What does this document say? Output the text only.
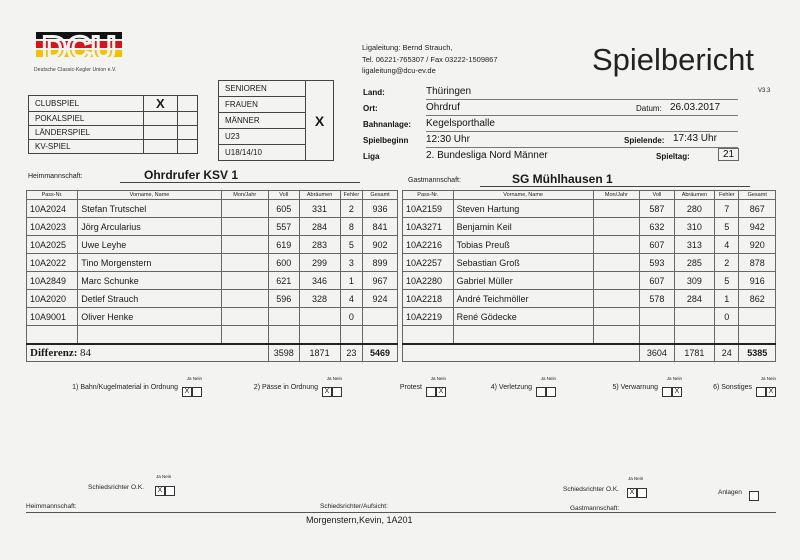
DCU
Deutsche Classic-Kegler Union e.V.
Ligaleitung: Bernd Strauch,
Tel. 06221-765307 / Fax 03222-1509867
ligaleitung@dcu-ev.de	Spielbericht
V3.3
CLUBSPIEL	X	
POKALSPIEL		
LÄNDERSPIEL		
KV-SPIEL		
SENIOREN	X
FRAUEN
MÄNNER
U23
U18/14/10
Land:	Thüringen
Ort:	Ohrdruf	Datum: 26.03.2017
Bahnanlage: Kegelsporthalle
Spielbeginn 12:30 Uhr	Spielende: 17:43 Uhr
Liga	2. Bundesliga Nord Männer	Spieltag:	21
Heimmannschaft:	Ohrdrufer KSV 1	Gastmannschaft:	SG Mühlhausen 1
Pass-Nr.	Vorname, Name	Mon/Jahr	Voll	Abräumen	Fehler	Gesamt
10A2024	Stefan Trutschel		605	331	2	936
10A2023	Jörg Arcularius		557	284	8	841
10A2025	Uwe Leyhe		619	283	5	902
10A2022	Tino Morgenstern		600	299	3	899
10A2849	Marc Schunke		621	346	1	967
10A2020	Detlef Strauch		596	328	4	924
10A9001	Oliver Henke				0	

Differenz: 84			3598	1871	23	5469
Pass-Nr.	Vorname, Name	Mon/Jahr	Voll	Abräumen	Fehler	Gesamt
10A2159	Steven Hartung		587	280	7	867
10A3271	Benjamin Keil		632	310	5	942
10A2216	Tobias Preuß		607	313	4	920
10A2257	Sebastian Groß		593	285	2	878
10A2280	Gabriel Müller		607	309	5	916
10A2218	André Teichmöller		578	284	1	862
10A2219	René Gödecke				0	

			3604	1781	24	5385
1) Bahn/Kugelmaterial in Ordnung
Ja Nein
X
2) Pässe in Ordnung
Ja Nein
X
Protest
Ja Nein
X
4) Verletzung
Ja Nein
5) Verwarnung
Ja Nein
X
6) Sonstiges
Ja Nein
X
Schiedsrichter O.K.
Ja Nein
X	Schiedsrichter O.K.
Ja Nein
X	Anlagen
Heimmannschaft:	Schiedsrichter/Aufsicht:	Gastmannschaft:
Morgenstern,Kevin, 1A201
